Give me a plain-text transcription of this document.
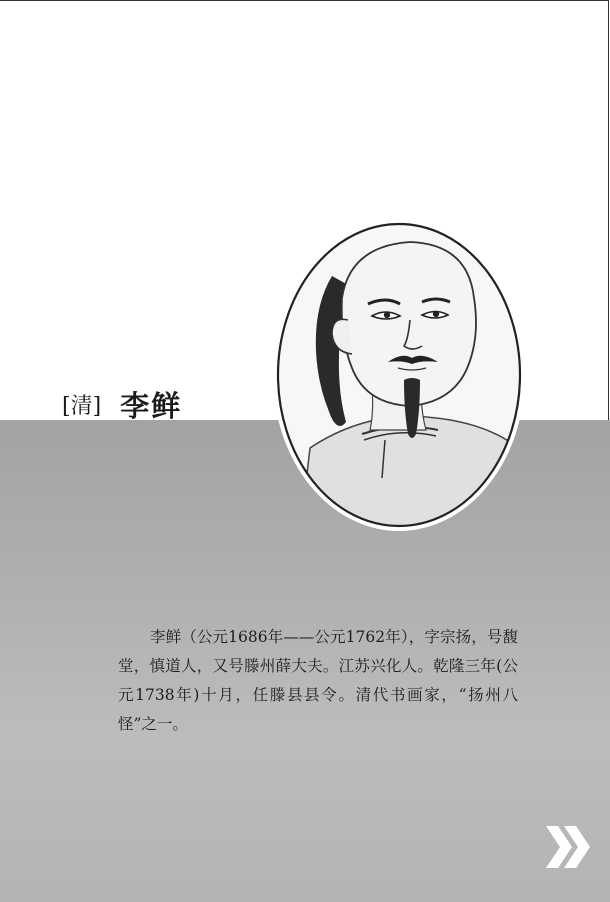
[清] 李鲜

李鲜（公元1686年——公元1762年），字宗扬，号馥堂，慎道人，又号滕州薛大夫。江苏兴化人。乾隆三年(公元1738年)十月，任滕县县令。清代书画家，“扬州八怪”之一。
